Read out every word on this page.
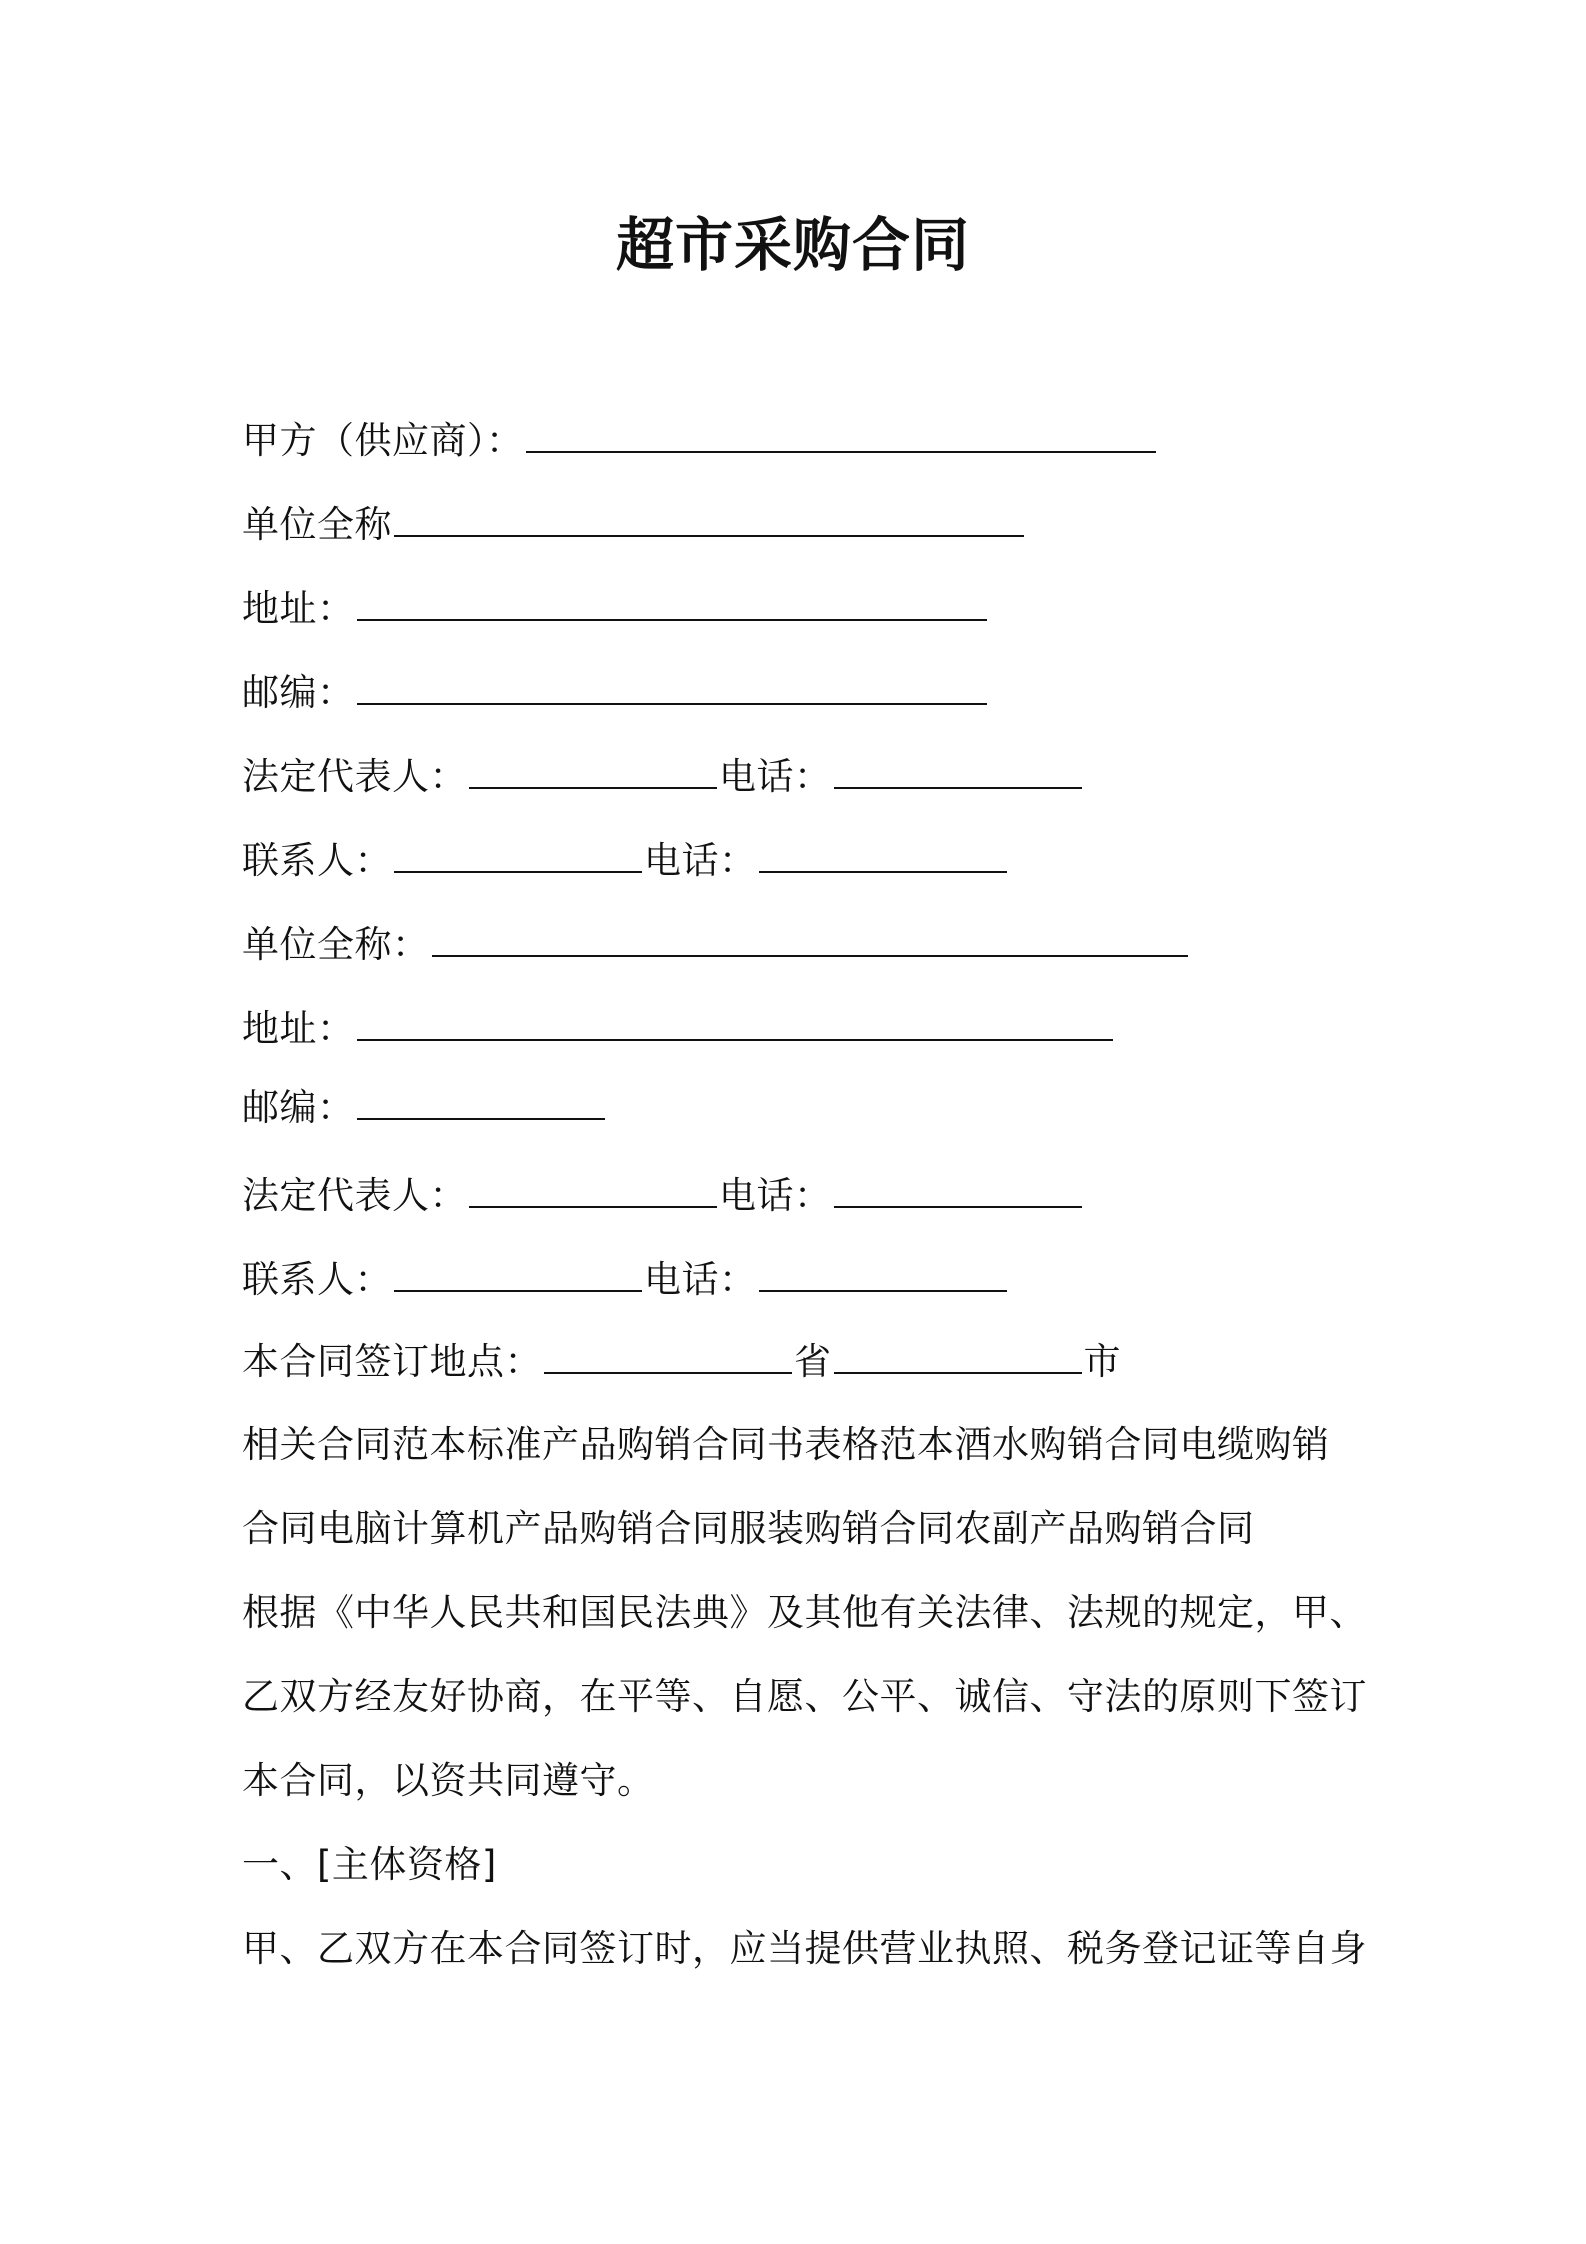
超市采购合同
甲方（供应商）：
单位全称
地址：
邮编：
法定代表人：	电话：
联系人：	电话：
单位全称：
地址：
邮编：
法定代表人：	电话：
联系人：	电话：
本合同签订地点：	省	市
相关合同范本标准产品购销合同书表格范本酒水购销合同电缆购销
合同电脑计算机产品购销合同服装购销合同农副产品购销合同
根据《中华人民共和国民法典》及其他有关法律、法规的规定，甲、
乙双方经友好协商，在平等、自愿、公平、诚信、守法的原则下签订
本合同，以资共同遵守。
一、[主体资格]
甲、乙双方在本合同签订时，应当提供营业执照、税务登记证等自身
